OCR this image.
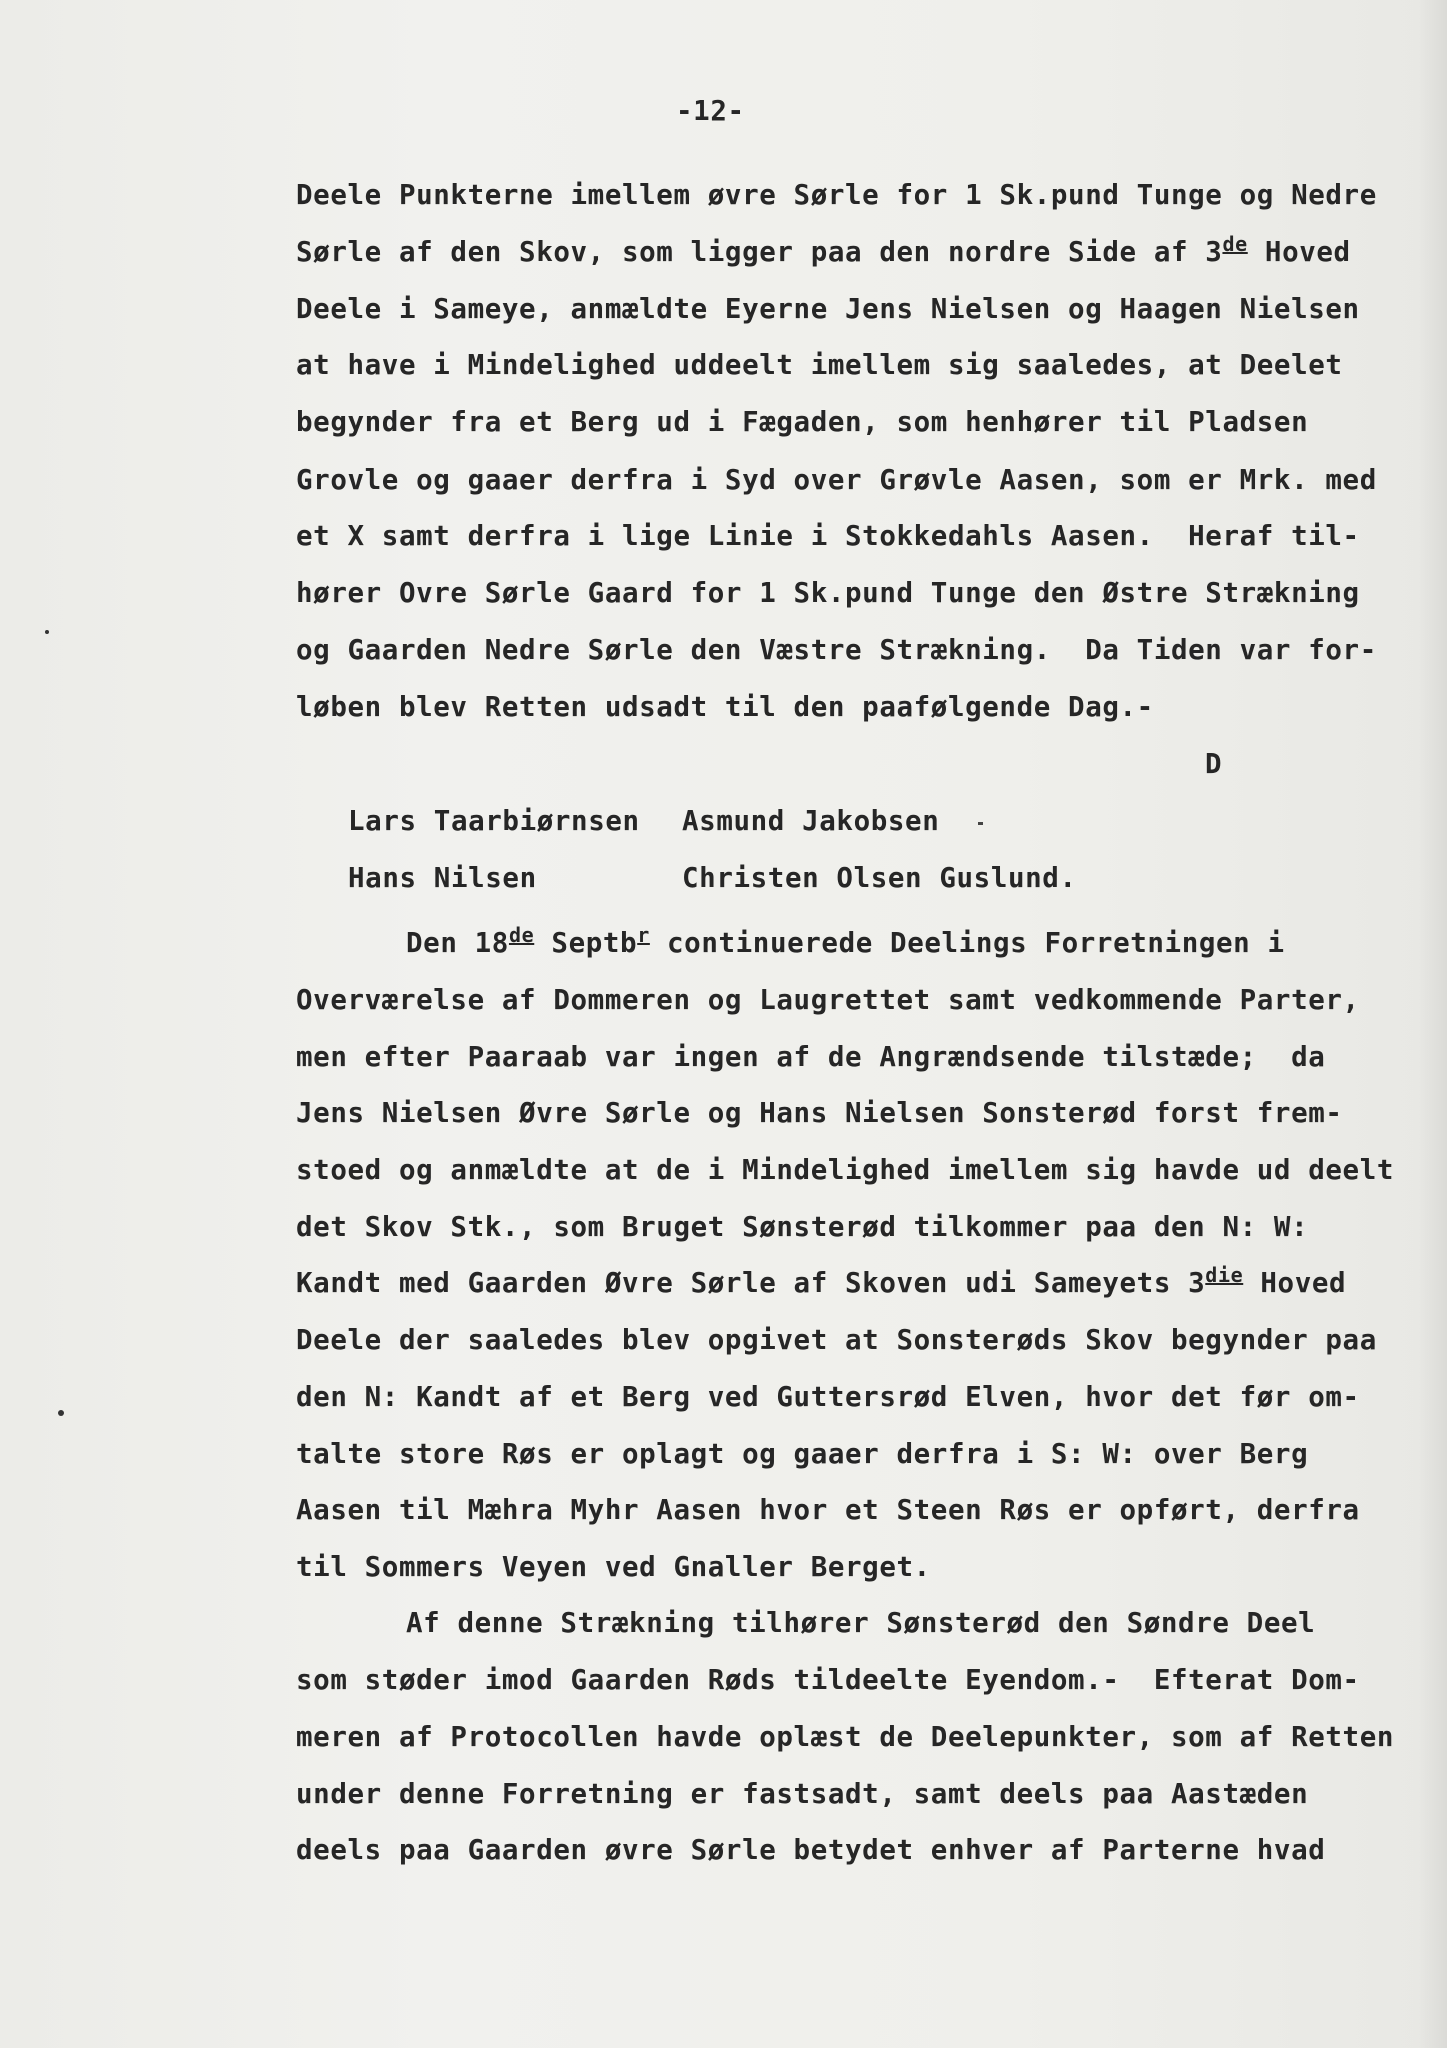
-12-
Deele Punkterne imellem øvre Sørle for 1 Sk.pund Tunge og Nedre
Sørle af den Skov, som ligger paa den nordre Side af 3de Hoved
Deele i Sameye, anmældte Eyerne Jens Nielsen og Haagen Nielsen
at have i Mindelighed uddeelt imellem sig saaledes, at Deelet
begynder fra et Berg ud i Fægaden, som henhører til Pladsen
Grovle og gaaer derfra i Syd over Grøvle Aasen, som er Mrk. med
et X samt derfra i lige Linie i Stokkedahls Aasen.  Heraf til-
hører Ovre Sørle Gaard for 1 Sk.pund Tunge den Østre Strækning
og Gaarden Nedre Sørle den Væstre Strækning.  Da Tiden var for-
løben blev Retten udsadt til den paafølgende Dag.-
D
Lars Taarbiørnsen Asmund Jakobsen
Hans Nilsen	Christen Olsen Guslund.
Den 18de Septb$^r$ continuerede Deelings Forretningen i
Overværelse af Dommeren og Laugrettet samt vedkommende Parter,
men efter Paaraab var ingen af de Angrændsende tilstæde;  da
Jens Nielsen Øvre Sørle og Hans Nielsen Sonsterød forst frem-
stoed og anmældte at de i Mindelighed imellem sig havde ud deelt
det Skov Stk., som Bruget Sønsterød tilkommer paa den N: W:
Kandt med Gaarden Øvre Sørle af Skoven udi Sameyets $3^{die}$ Hoved
Deele der saaledes blev opgivet at Sonsterøds Skov begynder paa
den N: Kandt af et Berg ved Guttersrød Elven, hvor det før om-
talte store Røs er oplagt og gaaer derfra i S: W: over Berg
Aasen til Mæhra Myhr Aasen hvor et Steen Røs er opført, derfra
til Sommers Veyen ved Gnaller Berget.
Af denne Strækning tilhører Sønsterød den Søndre Deel
som støder imod Gaarden Røds tildeelte Eyendom.-  Efterat Dom-
meren af Protocollen havde oplæst de Deelepunkter, som af Retten
under denne Forretning er fastsadt, samt deels paa Aastæden
deels paa Gaarden øvre Sørle betydet enhver af Parterne hvad
